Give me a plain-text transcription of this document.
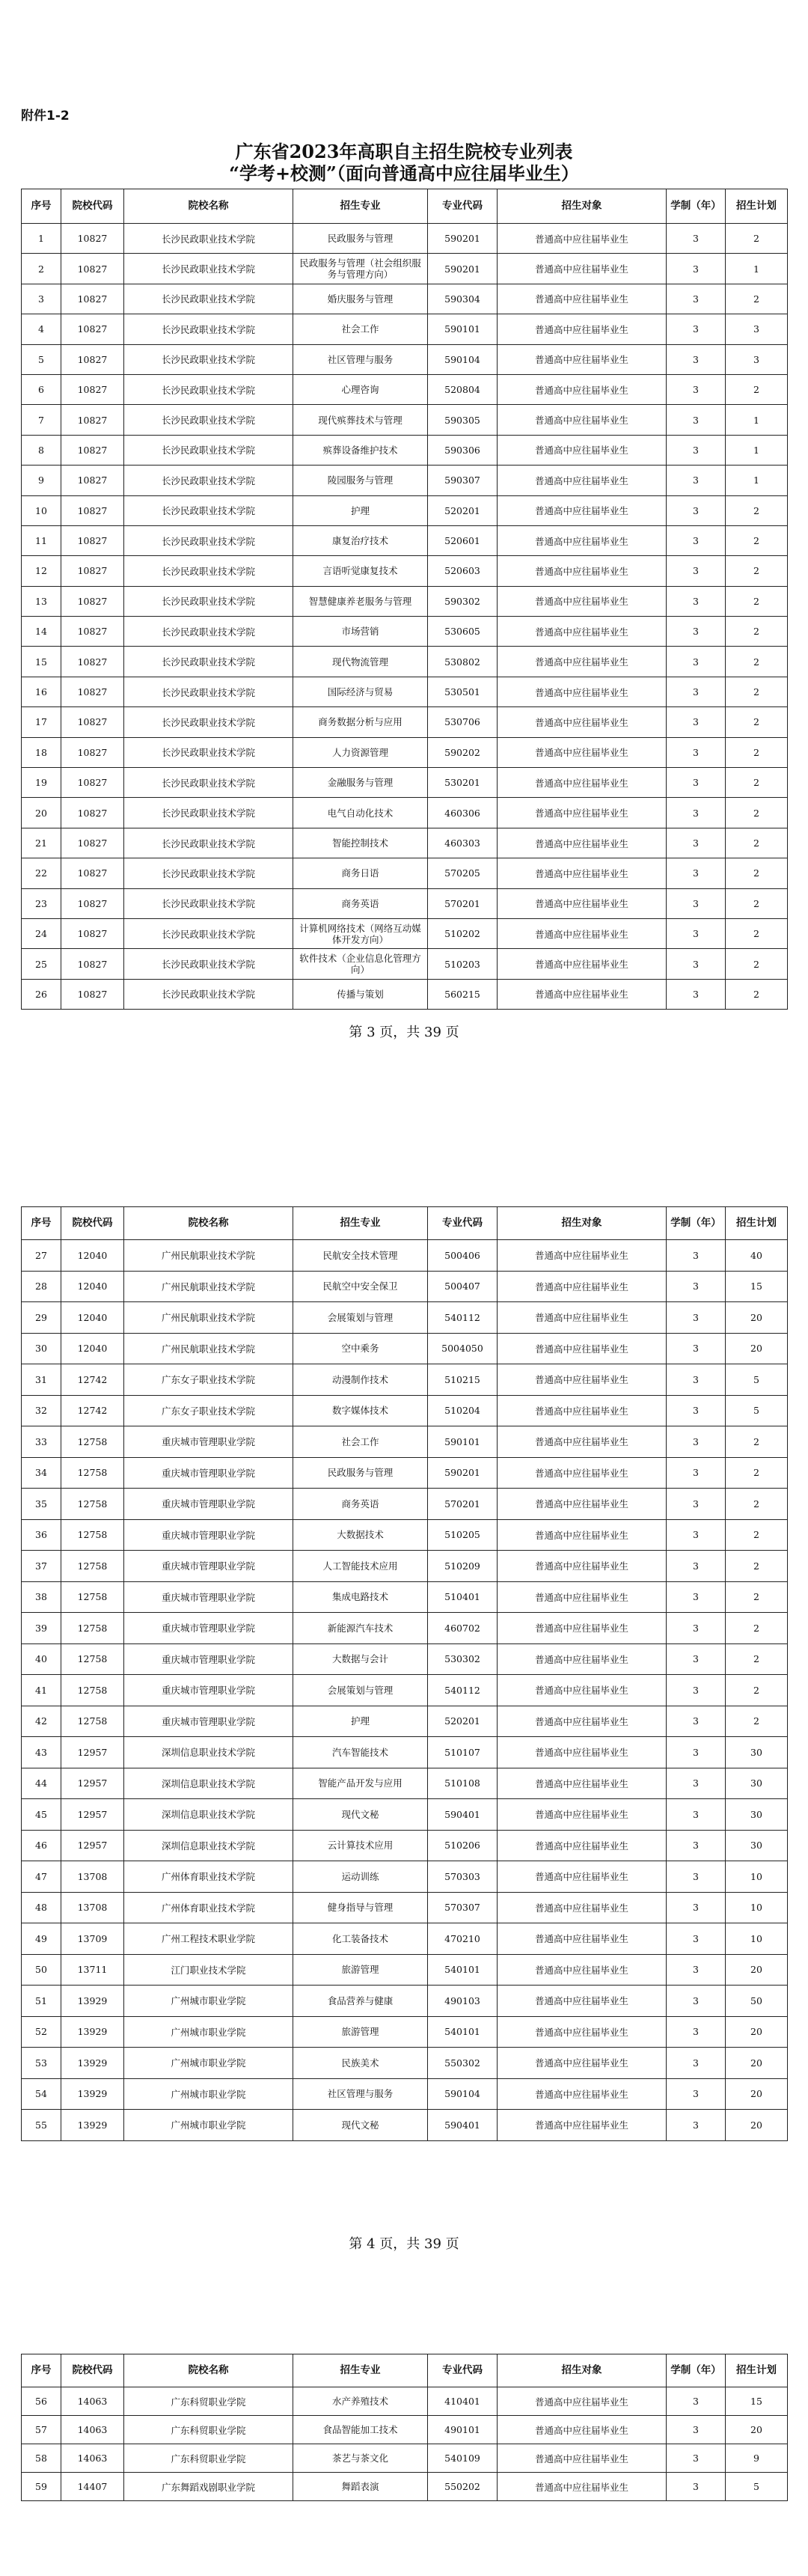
附件1-2
广东省2023年高职自主招生院校专业列表
“学考+校测”（面向普通高中应往届毕业生）
序号	院校代码	院校名称	招生专业	专业代码	招生对象	学制（年）	招生计划
1	10827	长沙民政职业技术学院	民政服务与管理	590201	普通高中应往届毕业生	3	2
2	10827	长沙民政职业技术学院	民政服务与管理（社会组织服务与管理方向）	590201	普通高中应往届毕业生	3	1
3	10827	长沙民政职业技术学院	婚庆服务与管理	590304	普通高中应往届毕业生	3	2
4	10827	长沙民政职业技术学院	社会工作	590101	普通高中应往届毕业生	3	3
5	10827	长沙民政职业技术学院	社区管理与服务	590104	普通高中应往届毕业生	3	3
6	10827	长沙民政职业技术学院	心理咨询	520804	普通高中应往届毕业生	3	2
7	10827	长沙民政职业技术学院	现代殡葬技术与管理	590305	普通高中应往届毕业生	3	1
8	10827	长沙民政职业技术学院	殡葬设备维护技术	590306	普通高中应往届毕业生	3	1
9	10827	长沙民政职业技术学院	陵园服务与管理	590307	普通高中应往届毕业生	3	1
10	10827	长沙民政职业技术学院	护理	520201	普通高中应往届毕业生	3	2
11	10827	长沙民政职业技术学院	康复治疗技术	520601	普通高中应往届毕业生	3	2
12	10827	长沙民政职业技术学院	言语听觉康复技术	520603	普通高中应往届毕业生	3	2
13	10827	长沙民政职业技术学院	智慧健康养老服务与管理	590302	普通高中应往届毕业生	3	2
14	10827	长沙民政职业技术学院	市场营销	530605	普通高中应往届毕业生	3	2
15	10827	长沙民政职业技术学院	现代物流管理	530802	普通高中应往届毕业生	3	2
16	10827	长沙民政职业技术学院	国际经济与贸易	530501	普通高中应往届毕业生	3	2
17	10827	长沙民政职业技术学院	商务数据分析与应用	530706	普通高中应往届毕业生	3	2
18	10827	长沙民政职业技术学院	人力资源管理	590202	普通高中应往届毕业生	3	2
19	10827	长沙民政职业技术学院	金融服务与管理	530201	普通高中应往届毕业生	3	2
20	10827	长沙民政职业技术学院	电气自动化技术	460306	普通高中应往届毕业生	3	2
21	10827	长沙民政职业技术学院	智能控制技术	460303	普通高中应往届毕业生	3	2
22	10827	长沙民政职业技术学院	商务日语	570205	普通高中应往届毕业生	3	2
23	10827	长沙民政职业技术学院	商务英语	570201	普通高中应往届毕业生	3	2
24	10827	长沙民政职业技术学院	计算机网络技术（网络互动媒体开发方向）	510202	普通高中应往届毕业生	3	2
25	10827	长沙民政职业技术学院	软件技术（企业信息化管理方向）	510203	普通高中应往届毕业生	3	2
26	10827	长沙民政职业技术学院	传播与策划	560215	普通高中应往届毕业生	3	2
第 3 页，共 39 页
序号	院校代码	院校名称	招生专业	专业代码	招生对象	学制（年）	招生计划
27	12040	广州民航职业技术学院	民航安全技术管理	500406	普通高中应往届毕业生	3	40
28	12040	广州民航职业技术学院	民航空中安全保卫	500407	普通高中应往届毕业生	3	15
29	12040	广州民航职业技术学院	会展策划与管理	540112	普通高中应往届毕业生	3	20
30	12040	广州民航职业技术学院	空中乘务	5004050	普通高中应往届毕业生	3	20
31	12742	广东女子职业技术学院	动漫制作技术	510215	普通高中应往届毕业生	3	5
32	12742	广东女子职业技术学院	数字媒体技术	510204	普通高中应往届毕业生	3	5
33	12758	重庆城市管理职业学院	社会工作	590101	普通高中应往届毕业生	3	2
34	12758	重庆城市管理职业学院	民政服务与管理	590201	普通高中应往届毕业生	3	2
35	12758	重庆城市管理职业学院	商务英语	570201	普通高中应往届毕业生	3	2
36	12758	重庆城市管理职业学院	大数据技术	510205	普通高中应往届毕业生	3	2
37	12758	重庆城市管理职业学院	人工智能技术应用	510209	普通高中应往届毕业生	3	2
38	12758	重庆城市管理职业学院	集成电路技术	510401	普通高中应往届毕业生	3	2
39	12758	重庆城市管理职业学院	新能源汽车技术	460702	普通高中应往届毕业生	3	2
40	12758	重庆城市管理职业学院	大数据与会计	530302	普通高中应往届毕业生	3	2
41	12758	重庆城市管理职业学院	会展策划与管理	540112	普通高中应往届毕业生	3	2
42	12758	重庆城市管理职业学院	护理	520201	普通高中应往届毕业生	3	2
43	12957	深圳信息职业技术学院	汽车智能技术	510107	普通高中应往届毕业生	3	30
44	12957	深圳信息职业技术学院	智能产品开发与应用	510108	普通高中应往届毕业生	3	30
45	12957	深圳信息职业技术学院	现代文秘	590401	普通高中应往届毕业生	3	30
46	12957	深圳信息职业技术学院	云计算技术应用	510206	普通高中应往届毕业生	3	30
47	13708	广州体育职业技术学院	运动训练	570303	普通高中应往届毕业生	3	10
48	13708	广州体育职业技术学院	健身指导与管理	570307	普通高中应往届毕业生	3	10
49	13709	广州工程技术职业学院	化工装备技术	470210	普通高中应往届毕业生	3	10
50	13711	江门职业技术学院	旅游管理	540101	普通高中应往届毕业生	3	20
51	13929	广州城市职业学院	食品营养与健康	490103	普通高中应往届毕业生	3	50
52	13929	广州城市职业学院	旅游管理	540101	普通高中应往届毕业生	3	20
53	13929	广州城市职业学院	民族美术	550302	普通高中应往届毕业生	3	20
54	13929	广州城市职业学院	社区管理与服务	590104	普通高中应往届毕业生	3	20
55	13929	广州城市职业学院	现代文秘	590401	普通高中应往届毕业生	3	20
第 4 页，共 39 页
序号	院校代码	院校名称	招生专业	专业代码	招生对象	学制（年）	招生计划
56	14063	广东科贸职业学院	水产养殖技术	410401	普通高中应往届毕业生	3	15
57	14063	广东科贸职业学院	食品智能加工技术	490101	普通高中应往届毕业生	3	20
58	14063	广东科贸职业学院	茶艺与茶文化	540109	普通高中应往届毕业生	3	9
59	14407	广东舞蹈戏剧职业学院	舞蹈表演	550202	普通高中应往届毕业生	3	5
